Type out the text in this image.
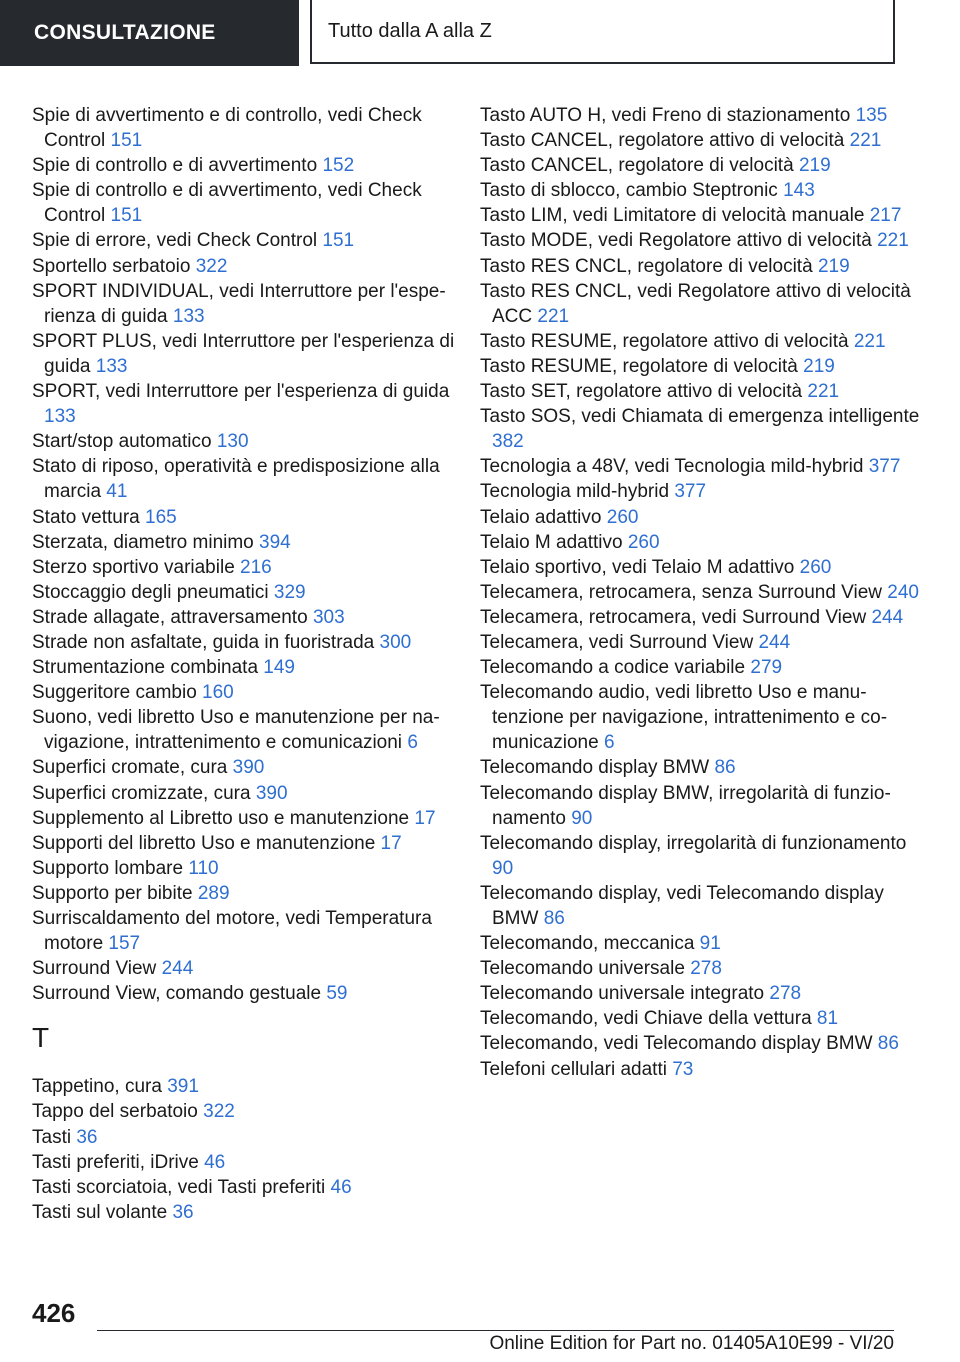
CONSULTAZIONE	Tutto dalla A alla Z
Spie di avvertimento e di controllo, vedi Check Control 151
Spie di controllo e di avvertimento 152
Spie di controllo e di avvertimento, vedi Check Control 151
Spie di errore, vedi Check Control 151
Sportello serbatoio 322
SPORT INDIVIDUAL, vedi Interruttore per l'esperienza di guida 133
SPORT PLUS, vedi Interruttore per l'esperienza di guida 133
SPORT, vedi Interruttore per l'esperienza di guida 133
Start/stop automatico 130
Stato di riposo, operatività e predisposizione alla marcia 41
Stato vettura 165
Sterzata, diametro minimo 394
Sterzo sportivo variabile 216
Stoccaggio degli pneumatici 329
Strade allagate, attraversamento 303
Strade non asfaltate, guida in fuoristrada 300
Strumentazione combinata 149
Suggeritore cambio 160
Suono, vedi libretto Uso e manutenzione per navigazione, intrattenimento e comunicazioni 6
Superfici cromate, cura 390
Superfici cromizzate, cura 390
Supplemento al Libretto uso e manutenzione 17
Supporti del libretto Uso e manutenzione 17
Supporto lombare 110
Supporto per bibite 289
Surriscaldamento del motore, vedi Temperatura motore 157
Surround View 244
Surround View, comando gestuale 59
T
Tappetino, cura 391
Tappo del serbatoio 322
Tasti 36
Tasti preferiti, iDrive 46
Tasti scorciatoia, vedi Tasti preferiti 46
Tasti sul volante 36
Tasto AUTO H, vedi Freno di stazionamento 135
Tasto CANCEL, regolatore attivo di velocità 221
Tasto CANCEL, regolatore di velocità 219
Tasto di sblocco, cambio Steptronic 143
Tasto LIM, vedi Limitatore di velocità manuale 217
Tasto MODE, vedi Regolatore attivo di velocità 221
Tasto RES CNCL, regolatore di velocità 219
Tasto RES CNCL, vedi Regolatore attivo di velocità ACC 221
Tasto RESUME, regolatore attivo di velocità 221
Tasto RESUME, regolatore di velocità 219
Tasto SET, regolatore attivo di velocità 221
Tasto SOS, vedi Chiamata di emergenza intelligente 382
Tecnologia a 48V, vedi Tecnologia mild-hybrid 377
Tecnologia mild-hybrid 377
Telaio adattivo 260
Telaio M adattivo 260
Telaio sportivo, vedi Telaio M adattivo 260
Telecamera, retrocamera, senza Surround View 240
Telecamera, retrocamera, vedi Surround View 244
Telecamera, vedi Surround View 244
Telecomando a codice variabile 279
Telecomando audio, vedi libretto Uso e manutenzione per navigazione, intrattenimento e comunicazione 6
Telecomando display BMW 86
Telecomando display BMW, irregolarità di funzionamento 90
Telecomando display, irregolarità di funzionamento 90
Telecomando display, vedi Telecomando display BMW 86
Telecomando, meccanica 91
Telecomando universale 278
Telecomando universale integrato 278
Telecomando, vedi Chiave della vettura 81
Telecomando, vedi Telecomando display BMW 86
Telefoni cellulari adatti 73
426
Online Edition for Part no. 01405A10E99 - VI/20
